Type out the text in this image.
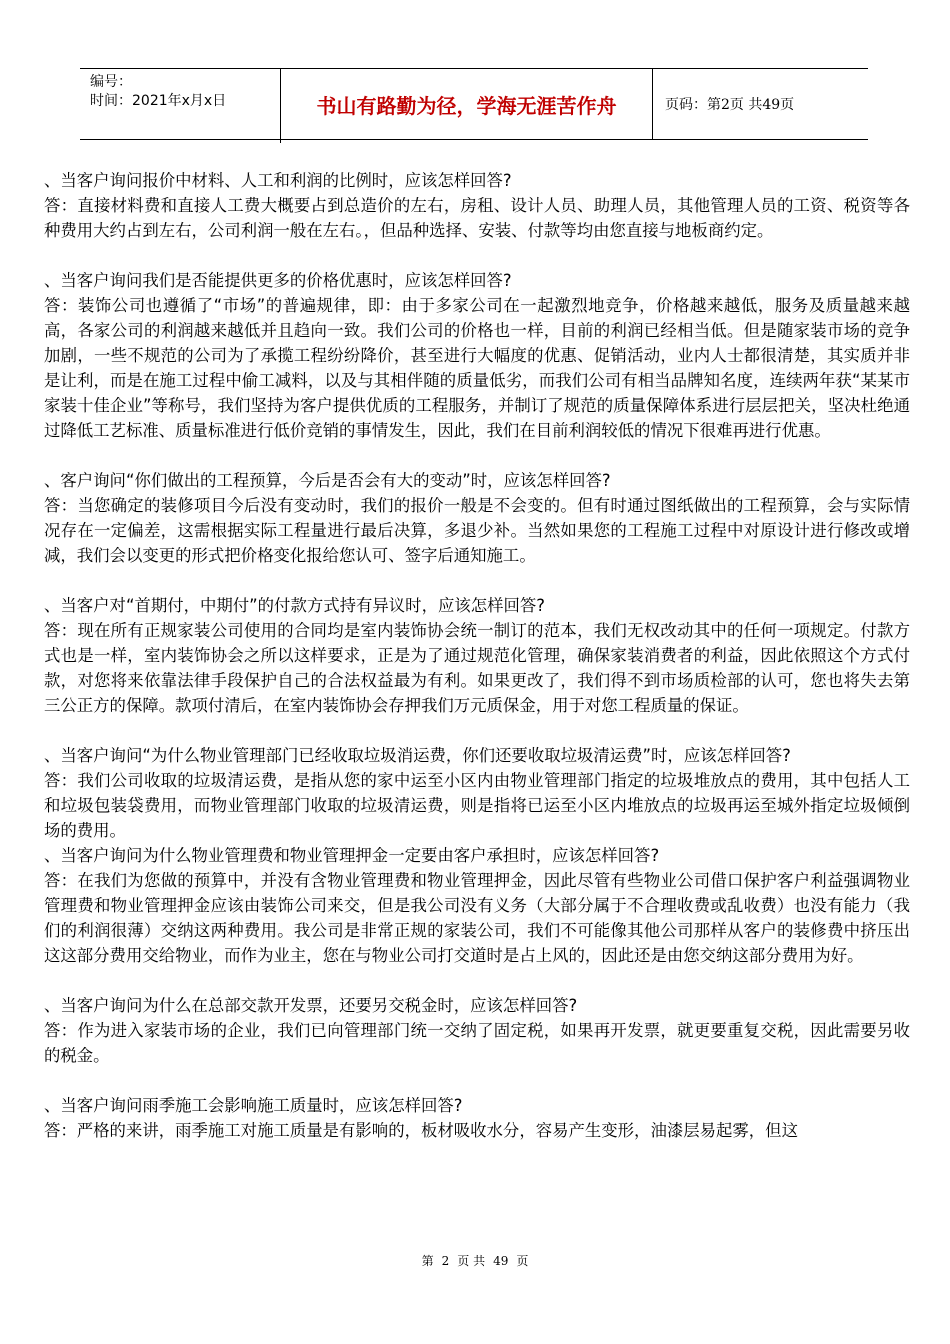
编号：
时间：2021年x月x日	书山有路勤为径，学海无涯苦作舟	页码：第2页 共49页

、当客户询问报价中材料、人工和利润的比例时，应该怎样回答?

答：直接材料费和直接人工费大概要占到总造价的左右，房租、设计人员、助理人员，其他管理人员的工资、税资等各种费用大约占到左右，公司利润一般在左右。，但品种选择、安装、付款等均由您直接与地板商约定。

、当客户询问我们是否能提供更多的价格优惠时，应该怎样回答?

答：装饰公司也遵循了“市场”的普遍规律，即：由于多家公司在一起激烈地竞争，价格越来越低，服务及质量越来越高，各家公司的利润越来越低并且趋向一致。我们公司的价格也一样，目前的利润已经相当低。但是随家装市场的竞争加剧，一些不规范的公司为了承揽工程纷纷降价，甚至进行大幅度的优惠、促销活动，业内人士都很清楚，其实质并非是让利，而是在施工过程中偷工减料，以及与其相伴随的质量低劣，而我们公司有相当品牌知名度，连续两年获“某某市家装十佳企业”等称号，我们坚持为客户提供优质的工程服务，并制订了规范的质量保障体系进行层层把关，坚决杜绝通过降低工艺标准、质量标准进行低价竞销的事情发生，因此，我们在目前利润较低的情况下很难再进行优惠。

、客户询问“你们做出的工程预算，今后是否会有大的变动”时，应该怎样回答?

答：当您确定的装修项目今后没有变动时，我们的报价一般是不会变的。但有时通过图纸做出的工程预算，会与实际情况存在一定偏差，这需根据实际工程量进行最后决算，多退少补。当然如果您的工程施工过程中对原设计进行修改或增减，我们会以变更的形式把价格变化报给您认可、签字后通知施工。

、当客户对“首期付，中期付”的付款方式持有异议时，应该怎样回答?

答：现在所有正规家装公司使用的合同均是室内装饰协会统一制订的范本，我们无权改动其中的任何一项规定。付款方式也是一样，室内装饰协会之所以这样要求，正是为了通过规范化管理，确保家装消费者的利益，因此依照这个方式付款，对您将来依靠法律手段保护自己的合法权益最为有利。如果更改了，我们得不到市场质检部的认可，您也将失去第三公正方的保障。款项付清后，在室内装饰协会存押我们万元质保金，用于对您工程质量的保证。

、当客户询问“为什么物业管理部门已经收取垃圾消运费，你们还要收取垃圾清运费”时，应该怎样回答?

答：我们公司收取的垃圾清运费，是指从您的家中运至小区内由物业管理部门指定的垃圾堆放点的费用，其中包括人工和垃圾包装袋费用，而物业管理部门收取的垃圾清运费，则是指将已运至小区内堆放点的垃圾再运至城外指定垃圾倾倒场的费用。

、当客户询问为什么物业管理费和物业管理押金一定要由客户承担时，应该怎样回答?

答：在我们为您做的预算中，并没有含物业管理费和物业管理押金，因此尽管有些物业公司借口保护客户利益强调物业管理费和物业管理押金应该由装饰公司来交，但是我公司没有义务（大部分属于不合理收费或乱收费）也没有能力（我们的利润很薄）交纳这两种费用。我公司是非常正规的家装公司，我们不可能像其他公司那样从客户的装修费中挤压出这这部分费用交给物业，而作为业主，您在与物业公司打交道时是占上风的，因此还是由您交纳这部分费用为好。

、当客户询问为什么在总部交款开发票，还要另交税金时，应该怎样回答?

答：作为进入家装市场的企业，我们已向管理部门统一交纳了固定税，如果再开发票，就更要重复交税，因此需要另收的税金。

、当客户询问雨季施工会影响施工质量时，应该怎样回答?

答：严格的来讲，雨季施工对施工质量是有影响的，板材吸收水分，容易产生变形，油漆层易起雾，但这

第 2 页 共 49 页
